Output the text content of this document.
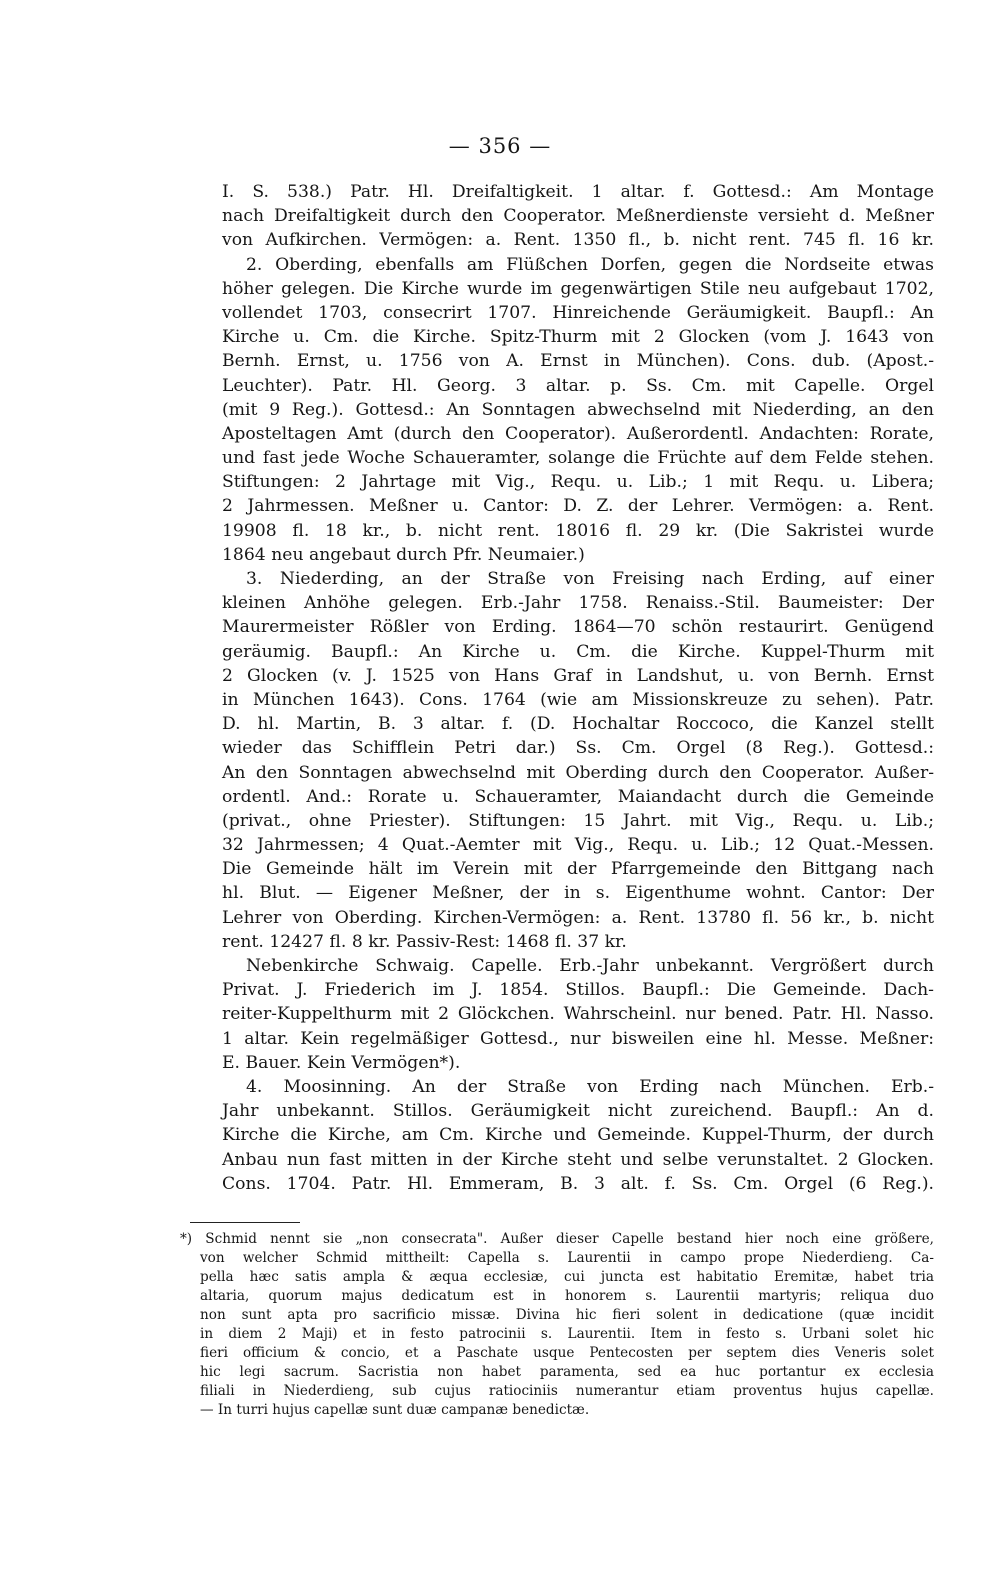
— 356 —
I. S. 538.) Patr. Hl. Dreifaltigkeit. 1 altar. f. Gottesd.: Am Montage
nach Dreifaltigkeit durch den Cooperator. Meßnerdienste versieht d. Meßner
von Aufkirchen. Vermögen: a. Rent. 1350 fl., b. nicht rent. 745 fl. 16 kr.
2. Oberding, ebenfalls am Flüßchen Dorfen, gegen die Nordseite etwas
höher gelegen. Die Kirche wurde im gegenwärtigen Stile neu aufgebaut 1702,
vollendet 1703, consecrirt 1707. Hinreichende Geräumigkeit. Baupfl.: An
Kirche u. Cm. die Kirche. Spitz-Thurm mit 2 Glocken (vom J. 1643 von
Bernh. Ernst, u. 1756 von A. Ernst in München). Cons. dub. (Apost.-
Leuchter). Patr. Hl. Georg. 3 altar. p. Ss. Cm. mit Capelle. Orgel
(mit 9 Reg.). Gottesd.: An Sonntagen abwechselnd mit Niederding, an den
Aposteltagen Amt (durch den Cooperator). Außerordentl. Andachten: Rorate,
und fast jede Woche Schaueramter, solange die Früchte auf dem Felde stehen.
Stiftungen: 2 Jahrtage mit Vig., Requ. u. Lib.; 1 mit Requ. u. Libera;
2 Jahrmessen. Meßner u. Cantor: D. Z. der Lehrer. Vermögen: a. Rent.
19908 fl. 18 kr., b. nicht rent. 18016 fl. 29 kr. (Die Sakristei wurde
1864 neu angebaut durch Pfr. Neumaier.)
3. Niederding, an der Straße von Freising nach Erding, auf einer
kleinen Anhöhe gelegen. Erb.-Jahr 1758. Renaiss.-Stil. Baumeister: Der
Maurermeister Rößler von Erding. 1864—70 schön restaurirt. Genügend
geräumig. Baupfl.: An Kirche u. Cm. die Kirche. Kuppel-Thurm mit
2 Glocken (v. J. 1525 von Hans Graf in Landshut, u. von Bernh. Ernst
in München 1643). Cons. 1764 (wie am Missionskreuze zu sehen). Patr.
D. hl. Martin, B. 3 altar. f. (D. Hochaltar Roccoco, die Kanzel stellt
wieder das Schifflein Petri dar.) Ss. Cm. Orgel (8 Reg.). Gottesd.:
An den Sonntagen abwechselnd mit Oberding durch den Cooperator. Außer-
ordentl. And.: Rorate u. Schaueramter, Maiandacht durch die Gemeinde
(privat., ohne Priester). Stiftungen: 15 Jahrt. mit Vig., Requ. u. Lib.;
32 Jahrmessen; 4 Quat.-Aemter mit Vig., Requ. u. Lib.; 12 Quat.-Messen.
Die Gemeinde hält im Verein mit der Pfarrgemeinde den Bittgang nach
hl. Blut. — Eigener Meßner, der in s. Eigenthume wohnt. Cantor: Der
Lehrer von Oberding. Kirchen-Vermögen: a. Rent. 13780 fl. 56 kr., b. nicht
rent. 12427 fl. 8 kr. Passiv-Rest: 1468 fl. 37 kr.
Nebenkirche Schwaig. Capelle. Erb.-Jahr unbekannt. Vergrößert durch
Privat. J. Friederich im J. 1854. Stillos. Baupfl.: Die Gemeinde. Dach-
reiter-Kuppelthurm mit 2 Glöckchen. Wahrscheinl. nur bened. Patr. Hl. Nasso.
1 altar. Kein regelmäßiger Gottesd., nur bisweilen eine hl. Messe. Meßner:
E. Bauer. Kein Vermögen*).
4. Moosinning. An der Straße von Erding nach München. Erb.-
Jahr unbekannt. Stillos. Geräumigkeit nicht zureichend. Baupfl.: An d.
Kirche die Kirche, am Cm. Kirche und Gemeinde. Kuppel-Thurm, der durch
Anbau nun fast mitten in der Kirche steht und selbe verunstaltet. 2 Glocken.
Cons. 1704. Patr. Hl. Emmeram, B. 3 alt. f. Ss. Cm. Orgel (6 Reg.).
*) Schmid nennt sie „non consecrata". Außer dieser Capelle bestand hier noch eine größere,
von welcher Schmid mittheilt: Capella s. Laurentii in campo prope Niederdieng. Ca-
pella hæc satis ampla & æqua ecclesiæ, cui juncta est habitatio Eremitæ, habet tria
altaria, quorum majus dedicatum est in honorem s. Laurentii martyris; reliqua duo
non sunt apta pro sacrificio missæ. Divina hic fieri solent in dedicatione (quæ incidit
in diem 2 Maji) et in festo patrocinii s. Laurentii. Item in festo s. Urbani solet hic
fieri officium & concio, et a Paschate usque Pentecosten per septem dies Veneris solet
hic legi sacrum. Sacristia non habet paramenta, sed ea huc portantur ex ecclesia
filiali in Niederdieng, sub cujus ratiociniis numerantur etiam proventus hujus capellæ.
— In turri hujus capellæ sunt duæ campanæ benedictæ.
